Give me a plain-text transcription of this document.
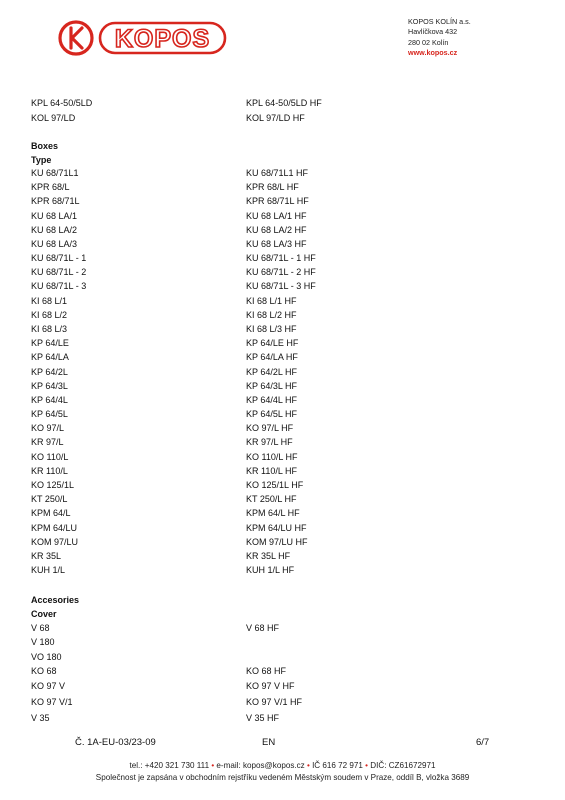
KOPOS
KOPOS KOLÍN a.s.
Havlíčkova 432
280 02 Kolín
www.kopos.cz
KPL 64-50/5LD	KPL 64-50/5LD HF
KOL 97/LD	KOL 97/LD HF
Boxes
Type
KU 68/71L1	KU 68/71L1 HF
KPR 68/L	KPR 68/L HF
KPR 68/71L	KPR 68/71L HF
KU 68 LA/1	KU 68 LA/1 HF
KU 68 LA/2	KU 68 LA/2 HF
KU 68 LA/3	KU 68 LA/3 HF
KU 68/71L - 1	KU 68/71L - 1 HF
KU 68/71L - 2	KU 68/71L - 2 HF
KU 68/71L - 3	KU 68/71L - 3 HF
KI 68 L/1	KI 68 L/1 HF
KI 68 L/2	KI 68 L/2 HF
KI 68 L/3	KI 68 L/3 HF
KP 64/LE	KP 64/LE HF
KP 64/LA	KP 64/LA HF
KP 64/2L	KP 64/2L HF
KP 64/3L	KP 64/3L HF
KP 64/4L	KP 64/4L HF
KP 64/5L	KP 64/5L HF
KO 97/L	KO 97/L HF
KR 97/L	KR 97/L HF
KO 110/L	KO 110/L HF
KR 110/L	KR 110/L HF
KO 125/1L	KO 125/1L HF
KT 250/L	KT 250/L HF
KPM 64/L	KPM 64/L HF
KPM 64/LU	KPM 64/LU HF
KOM 97/LU	KOM 97/LU HF
KR 35L	KR 35L HF
KUH 1/L	KUH 1/L HF
Accesories
Cover
V 68	V 68 HF
V 180
VO 180
KO 68	KO 68 HF
KO 97 V	KO 97 V HF
KO 97 V/1	KO 97 V/1 HF
V 35	V 35 HF
Č. 1A-EU-03/23-09	EN	6/7
tel.: +420 321 730 111 • e-mail: kopos@kopos.cz • IČ 616 72 971 • DIČ: CZ61672971
Společnost je zapsána v obchodním rejstříku vedeném Městským soudem v Praze, oddíl B, vložka 3689
